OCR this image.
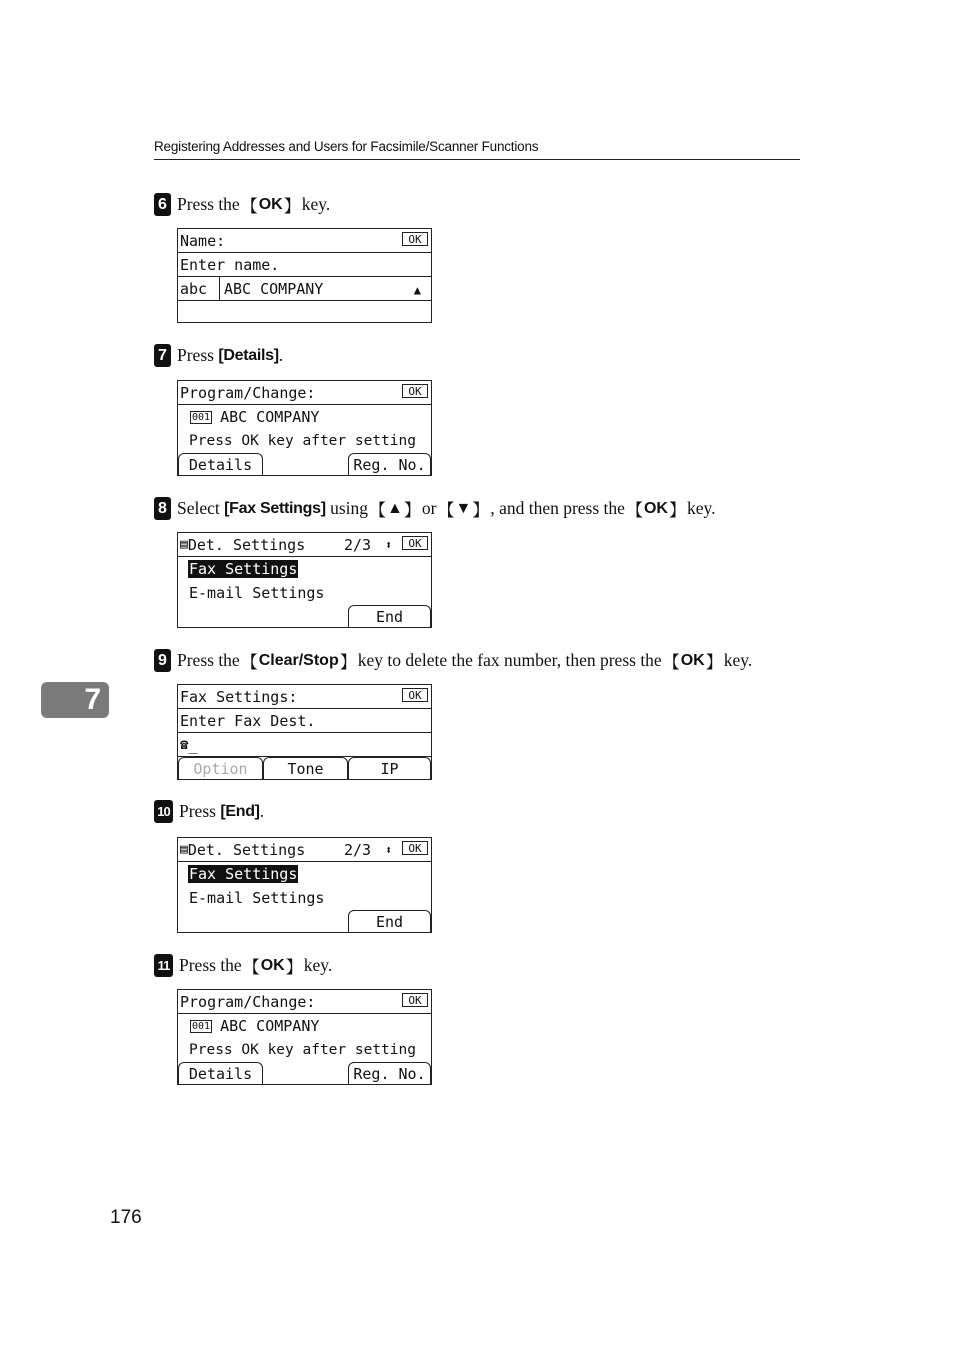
Registering Addresses and Users for Facsimile/Scanner Functions
7
6 Press the 【 OK 】 key.
Name:	OK
Enter name.
abc	ABC COMPANY	▲
7 Press
[Details] .
Program/Change:	OK
001 ABC COMPANY
Press OK key after setting
Details	Reg. No.
8 Select
[Fax Settings]
using 【 ▲ 】 or 【 ▼ 】 , and then press the 【 OK 】 key.
▤ Det. Settings	2/3 ⬍	OK
Fax Settings
E-mail Settings
End
9 Press the 【 Clear/Stop 】 key to delete the fax number, then press the 【 OK 】 key.
Fax Settings:	OK
Enter Fax Dest.
☎ _
Option	Tone	IP
10 Press
[End] .
▤ Det. Settings	2/3 ⬍	OK
Fax Settings
E-mail Settings
End
11 Press the 【 OK 】 key.
Program/Change:	OK
001 ABC COMPANY
Press OK key after setting
Details	Reg. No.
176
